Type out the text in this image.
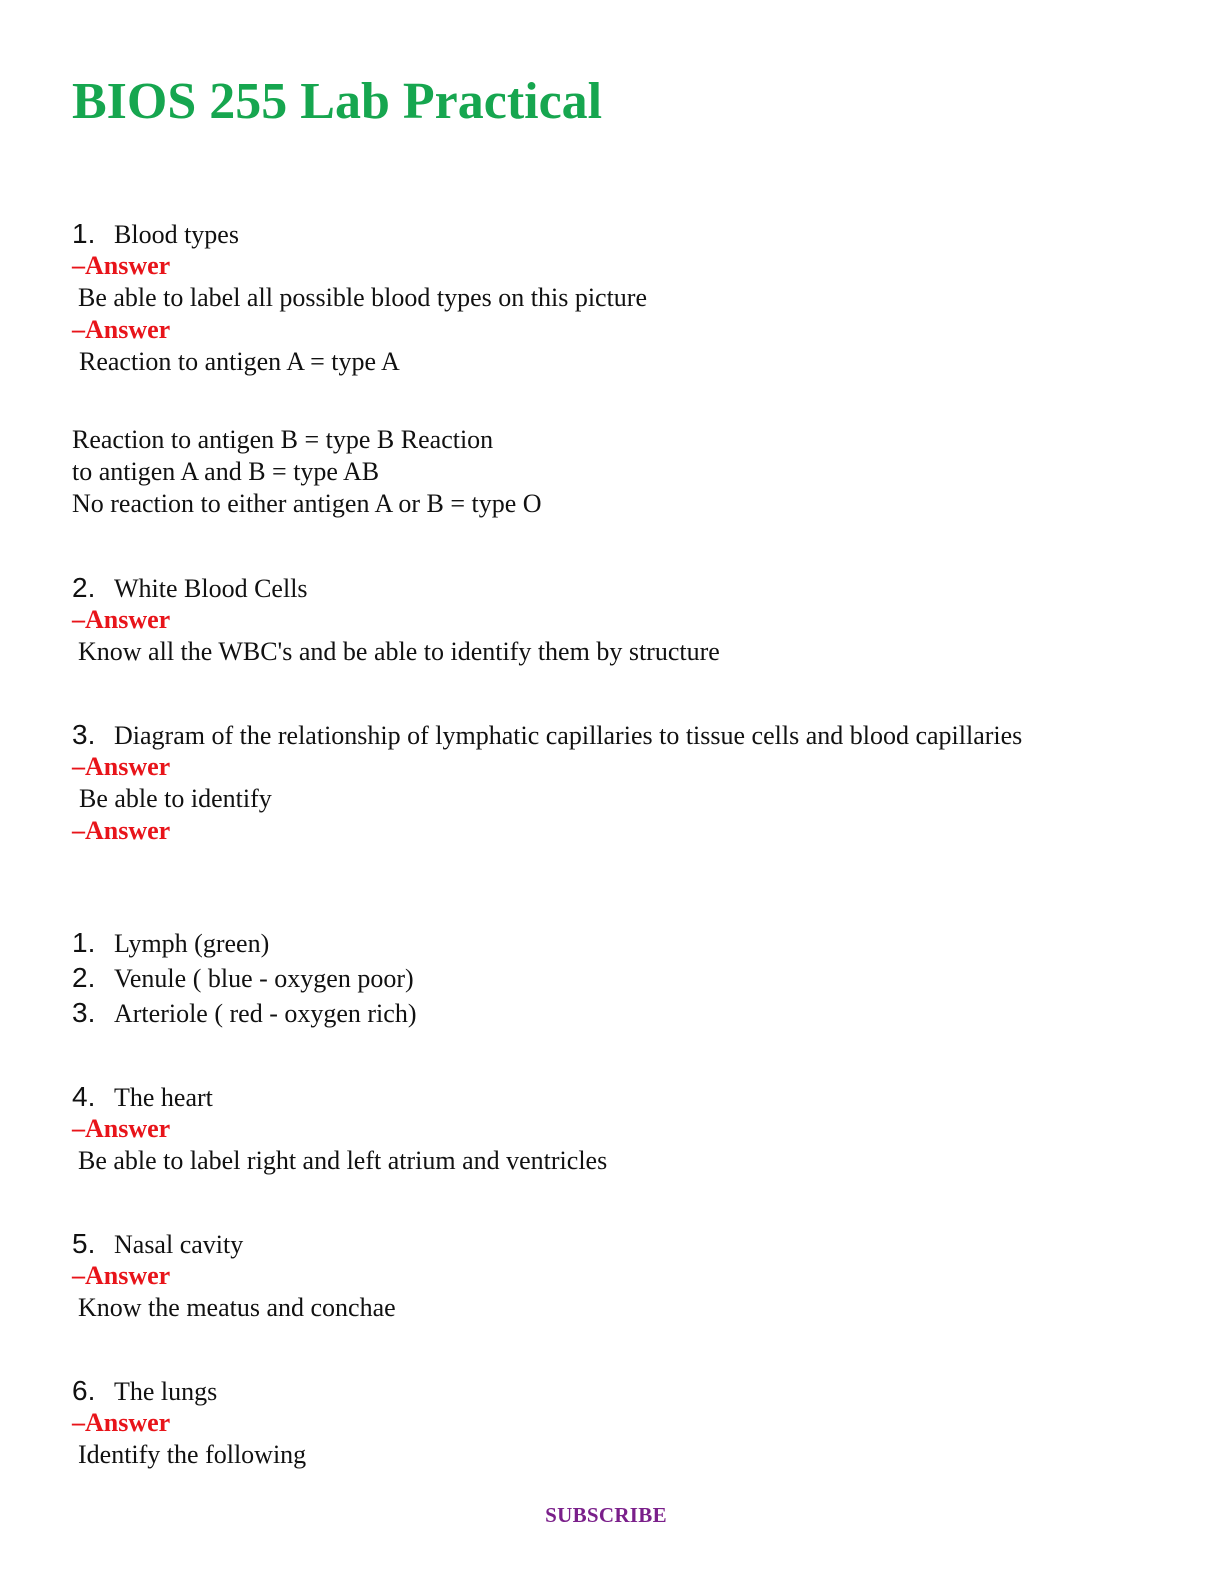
BIOS 255 Lab Practical
1. Blood types
–Answer
Be able to label all possible blood types on this picture
–Answer
Reaction to antigen A = type A
Reaction to antigen B = type B Reaction
to antigen A and B = type AB
No reaction to either antigen A or B = type O
2. White Blood Cells
–Answer
Know all the WBC's and be able to identify them by structure
3. Diagram of the relationship of lymphatic capillaries to tissue cells and blood capillaries
–Answer
Be able to identify
–Answer
1. Lymph (green)
2. Venule ( blue - oxygen poor)
3. Arteriole ( red - oxygen rich)
4. The heart
–Answer
Be able to label right and left atrium and ventricles
5. Nasal cavity
–Answer
Know the meatus and conchae
6. The lungs
–Answer
Identify the following
SUBSCRIBE
